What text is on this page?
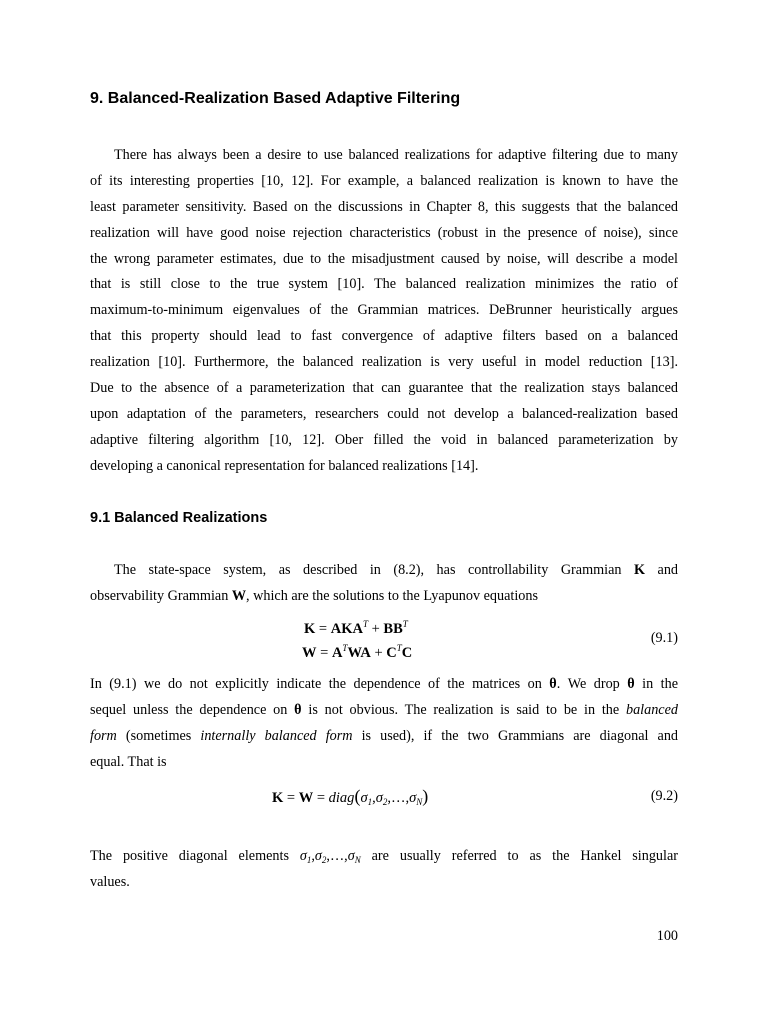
9. Balanced-Realization Based Adaptive Filtering
There has always been a desire to use balanced realizations for adaptive filtering due to many
of its interesting properties [10, 12]. For example, a balanced realization is known to have the
least parameter sensitivity. Based on the discussions in Chapter 8, this suggests that the balanced
realization will have good noise rejection characteristics (robust in the presence of noise), since
the wrong parameter estimates, due to the misadjustment caused by noise, will describe a model
that is still close to the true system [10]. The balanced realization minimizes the ratio of
maximum-to-minimum eigenvalues of the Grammian matrices. DeBrunner heuristically argues
that this property should lead to fast convergence of adaptive filters based on a balanced
realization [10]. Furthermore, the balanced realization is very useful in model reduction [13].
Due to the absence of a parameterization that can guarantee that the realization stays balanced
upon adaptation of the parameters, researchers could not develop a balanced-realization based
adaptive filtering algorithm [10, 12]. Ober filled the void in balanced parameterization by
developing a canonical representation for balanced realizations [14].
9.1 Balanced Realizations
The state-space system, as described in (8.2), has controllability Grammian K and
observability Grammian W, which are the solutions to the Lyapunov equations
$K = AKA^T + BB^T$
$W = A^TWA + C^TC$
(9.1)
In (9.1) we do not explicitly indicate the dependence of the matrices on θ. We drop θ in the
sequel unless the dependence on θ is not obvious. The realization is said to be in the balanced
form (sometimes internally balanced form is used), if the two Grammians are diagonal and
equal. That is
$K = W = diag(\sigma_1,\sigma_2,\dots,\sigma_N)$	(9.2)
The positive diagonal elements $\sigma_1,\sigma_2,\dots,\sigma_N$ are usually referred to as the Hankel singular
values.
100
